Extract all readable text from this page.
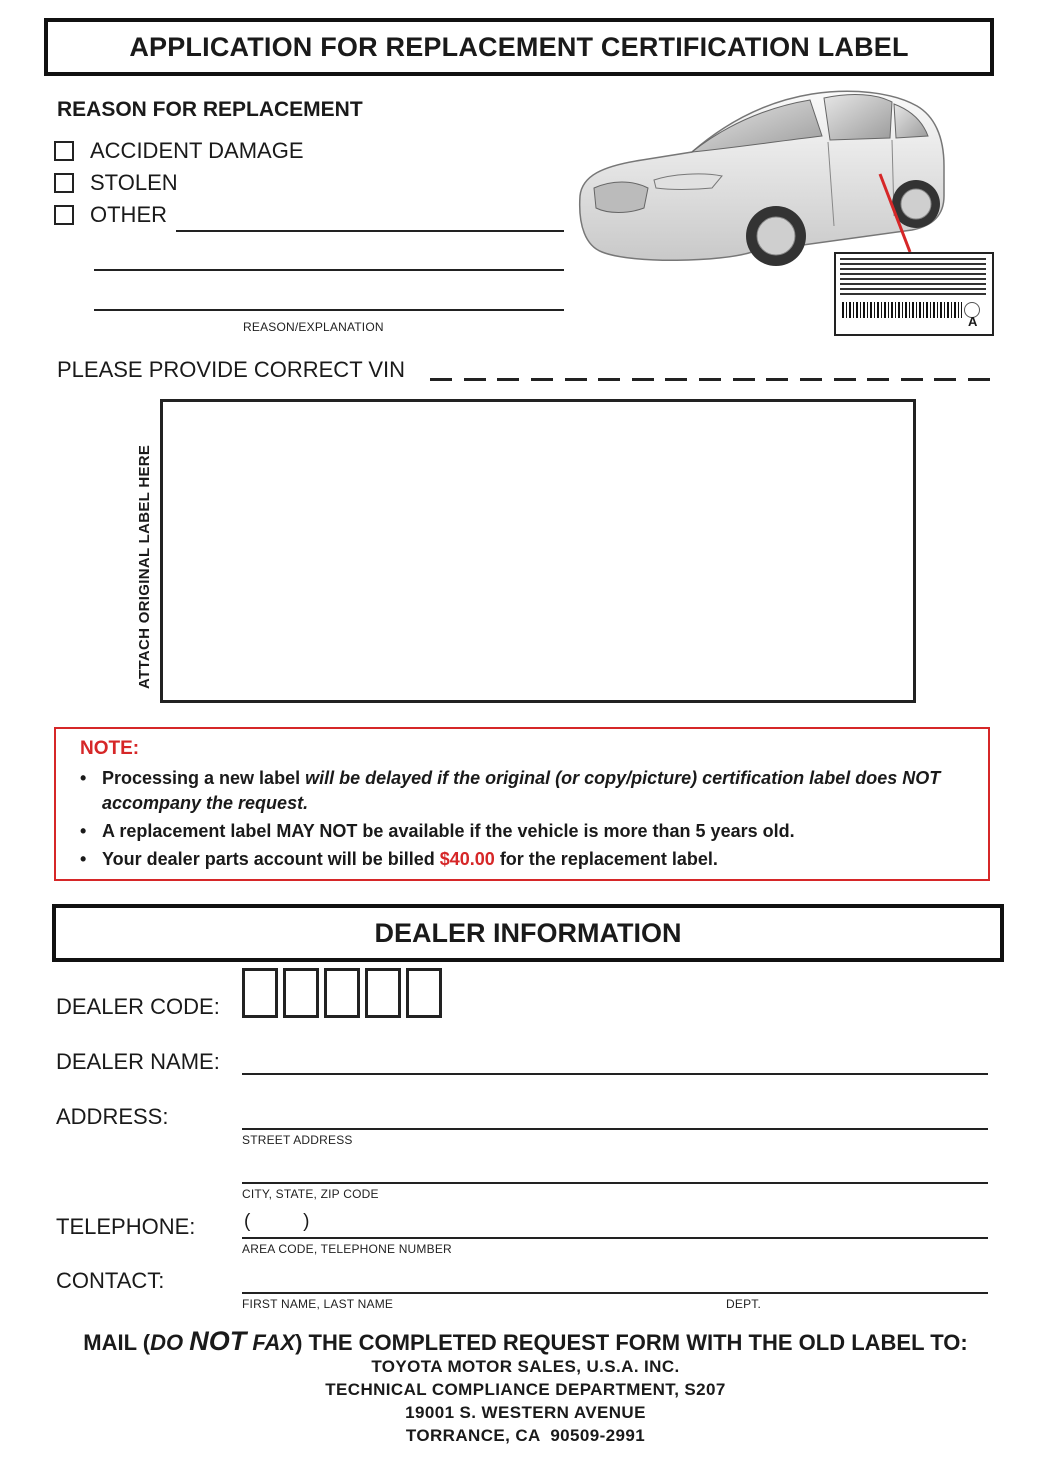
APPLICATION FOR REPLACEMENT CERTIFICATION LABEL
REASON FOR REPLACEMENT
ACCIDENT DAMAGE
STOLEN
OTHER
REASON/EXPLANATION	A
PLEASE PROVIDE CORRECT VIN
ATTACH ORIGINAL LABEL HERE
NOTE:
• Processing a new label will be delayed if the original (or copy/picture) certification label does NOT accompany the request.
• A replacement label MAY NOT be available if the vehicle is more than 5 years old.
• Your dealer parts account will be billed $40.00 for the replacement label.
DEALER INFORMATION
DEALER CODE:
DEALER NAME:
ADDRESS:
STREET ADDRESS
CITY, STATE, ZIP CODE
TELEPHONE:	(          )
AREA CODE, TELEPHONE NUMBER
CONTACT:
FIRST NAME, LAST NAME	DEPT.
MAIL (DO NOT FAX) THE COMPLETED REQUEST FORM WITH THE OLD LABEL TO:
TOYOTA MOTOR SALES, U.S.A. INC.
TECHNICAL COMPLIANCE DEPARTMENT, S207
19001 S. WESTERN AVENUE
TORRANCE, CA  90509-2991
